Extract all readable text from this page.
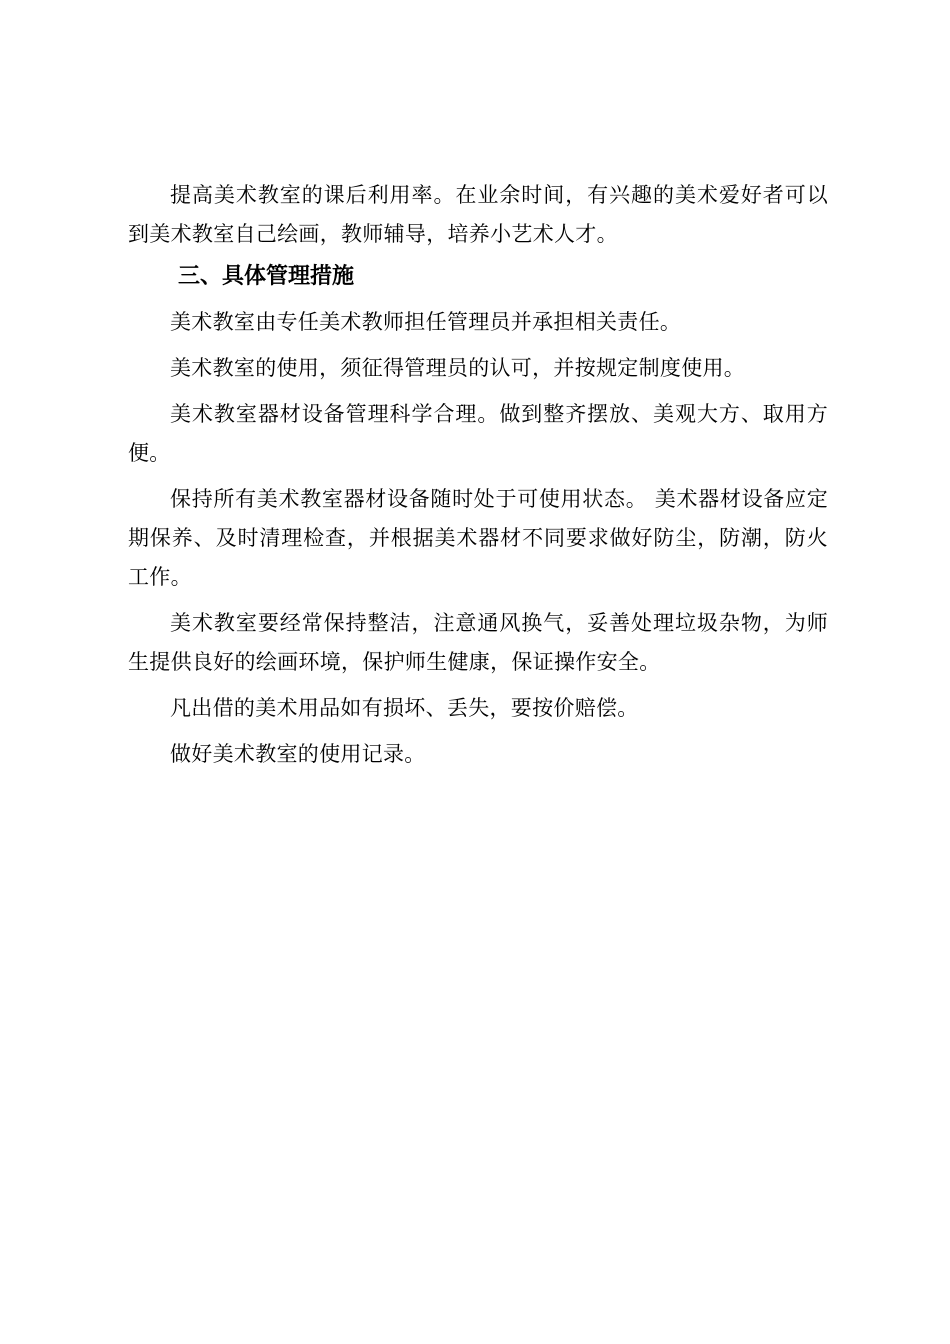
提高美术教室的课后利用率。在业余时间，有兴趣的美术爱好者可以到美术教室自己绘画，教师辅导，培养小艺术人才。

三、具体管理措施

美术教室由专任美术教师担任管理员并承担相关责任。

美术教室的使用，须征得管理员的认可，并按规定制度使用。

美术教室器材设备管理科学合理。做到整齐摆放、美观大方、取用方便。

保持所有美术教室器材设备随时处于可使用状态。 美术器材设备应定期保养、及时清理检查，并根据美术器材不同要求做好防尘，防潮，防火工作。

美术教室要经常保持整洁，注意通风换气，妥善处理垃圾杂物，为师生提供良好的绘画环境，保护师生健康，保证操作安全。

凡出借的美术用品如有损坏、丢失，要按价赔偿。

做好美术教室的使用记录。
